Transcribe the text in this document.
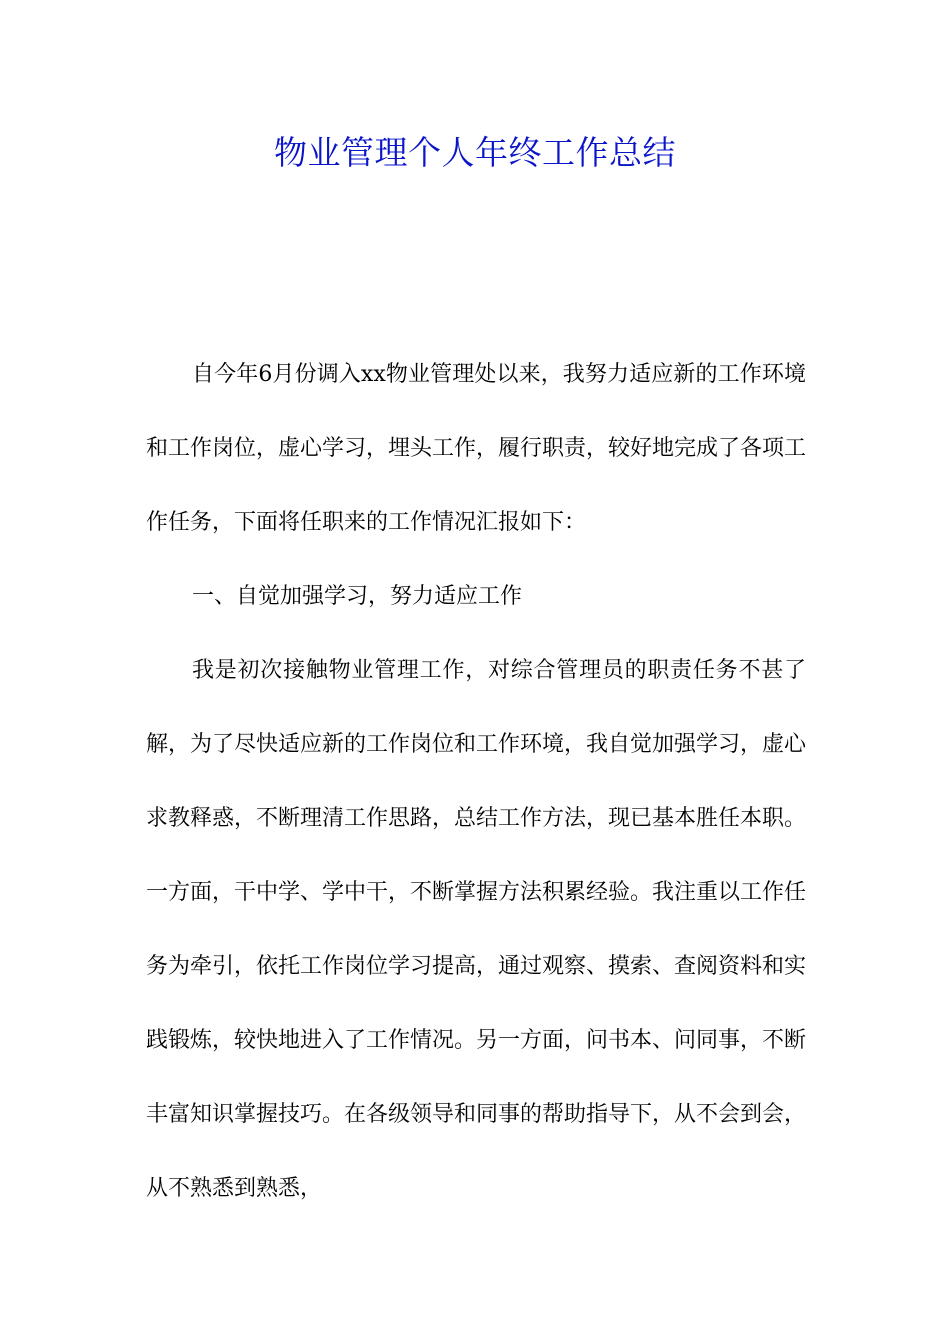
物业管理个人年终工作总结

自今年6月份调入xx物业管理处以来，我努力适应新的工作环境和工作岗位，虚心学习，埋头工作，履行职责，较好地完成了各项工作任务，下面将任职来的工作情况汇报如下：

一、自觉加强学习，努力适应工作

我是初次接触物业管理工作，对综合管理员的职责任务不甚了解，为了尽快适应新的工作岗位和工作环境，我自觉加强学习，虚心求教释惑，不断理清工作思路，总结工作方法，现已基本胜任本职。一方面，干中学、学中干，不断掌握方法积累经验。我注重以工作任务为牵引，依托工作岗位学习提高，通过观察、摸索、查阅资料和实践锻炼，较快地进入了工作情况。另一方面，问书本、问同事，不断丰富知识掌握技巧。在各级领导和同事的帮助指导下，从不会到会，从不熟悉到熟悉，
